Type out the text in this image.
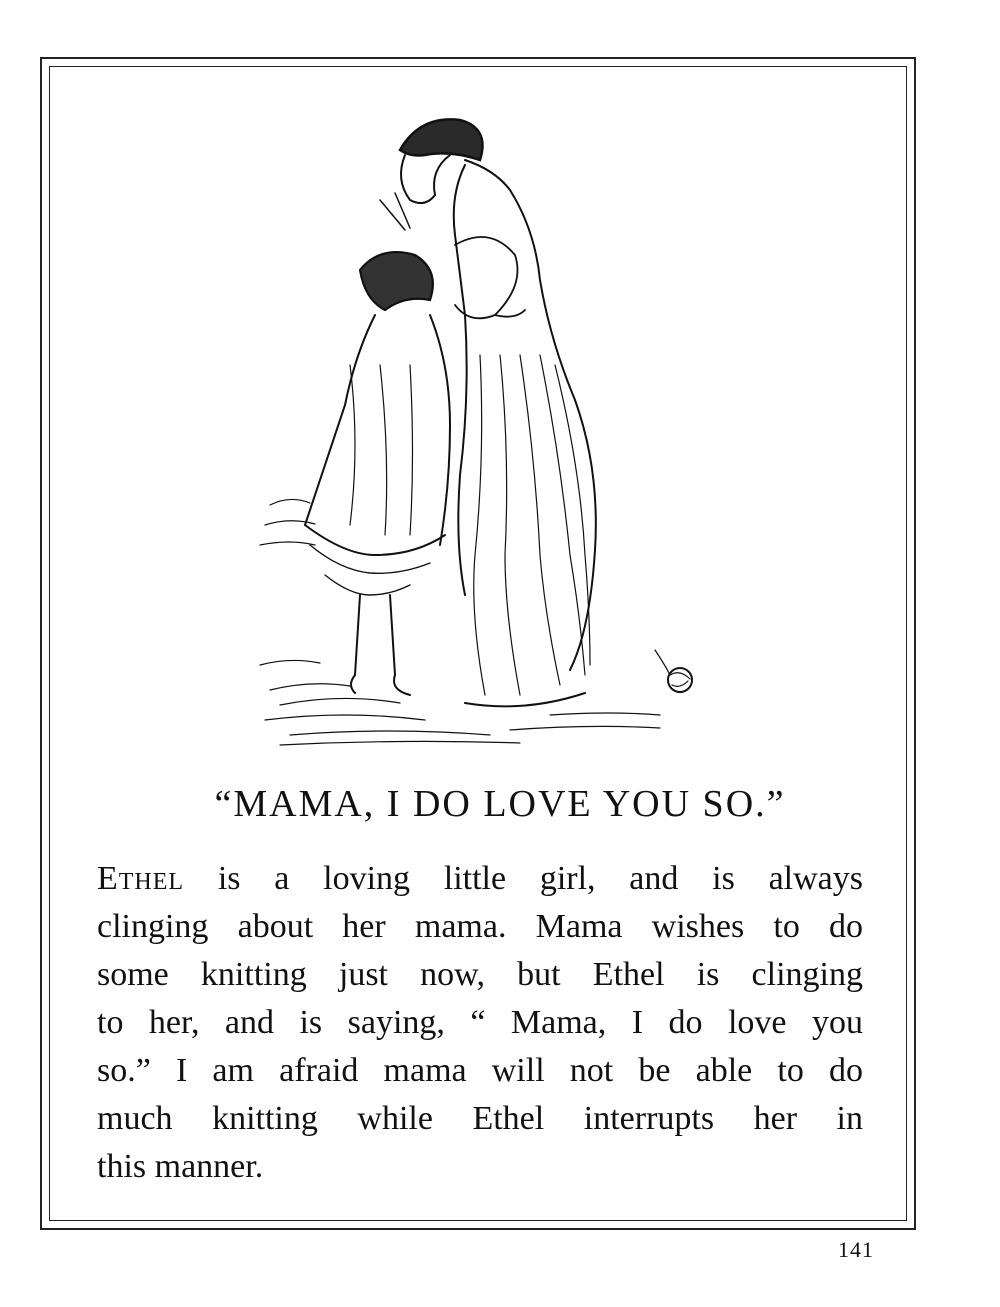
“MAMA, I DO LOVE YOU SO.”
Ethel is a loving little girl, and is always
clinging about her mama. Mama wishes to do
some knitting just now, but Ethel is clinging
to her, and is saying, “ Mama, I do love you
so.” I am afraid mama will not be able to do
much knitting while Ethel interrupts her in
this manner.
141
